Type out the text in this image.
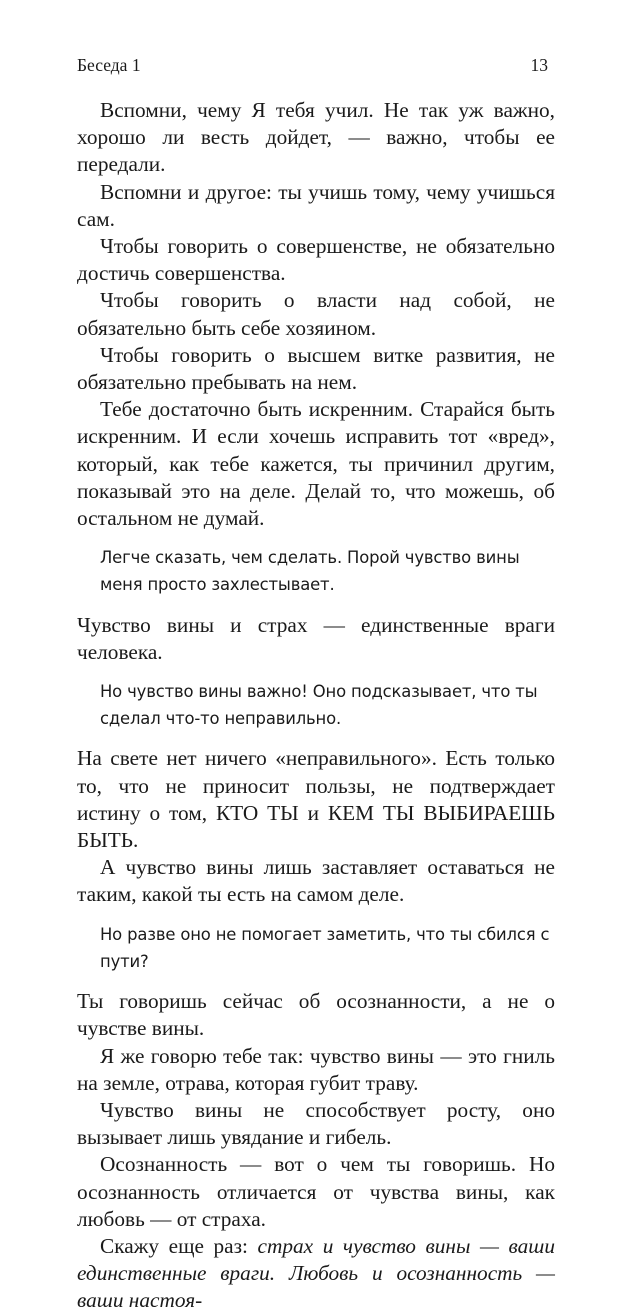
Беседа 1	13

Вспомни, чему Я тебя учил. Не так уж важно, хорошо ли весть дойдет, — важно, чтобы ее передали.

Вспомни и другое: ты учишь тому, чему учишься сам.

Чтобы говорить о совершенстве, не обязательно достичь совершенства.

Чтобы говорить о власти над собой, не обязательно быть себе хозяином.

Чтобы говорить о высшем витке развития, не обязательно пребывать на нем.

Тебе достаточно быть искренним. Старайся быть искренним. И если хочешь исправить тот «вред», который, как тебе кажется, ты причинил другим, показывай это на деле. Делай то, что можешь, об остальном не думай.

Легче сказать, чем сделать. Порой чувство вины меня просто захлестывает.

Чувство вины и страх — единственные враги человека.

Но чувство вины важно! Оно подсказывает, что ты сделал что-то неправильно.

На свете нет ничего «неправильного». Есть только то, что не приносит пользы, не подтверждает истину о том, КТО ТЫ и КЕМ ТЫ ВЫБИРАЕШЬ БЫТЬ.

А чувство вины лишь заставляет оставаться не таким, какой ты есть на самом деле.

Но разве оно не помогает заметить, что ты сбился с пути?

Ты говоришь сейчас об осознанности, а не о чувстве вины.

Я же говорю тебе так: чувство вины — это гниль на земле, отрава, которая губит траву.

Чувство вины не способствует росту, оно вызывает лишь увядание и гибель.

Осознанность — вот о чем ты говоришь. Но осознанность отличается от чувства вины, как любовь — от страха.

Скажу еще раз: страх и чувство вины — ваши единственные враги. Любовь и осознанность — ваши настоя-
